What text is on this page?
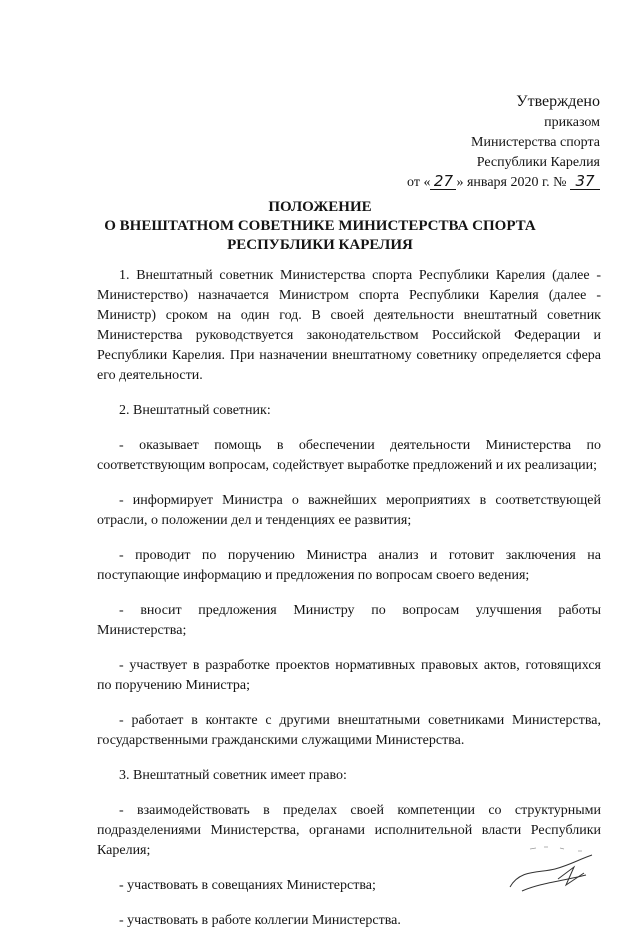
Утверждено
приказом
Министерства спорта
Республики Карелия
от « 27 » января 2020 г. № 37
ПОЛОЖЕНИЕ
О ВНЕШТАТНОМ СОВЕТНИКЕ МИНИСТЕРСТВА СПОРТА
РЕСПУБЛИКИ КАРЕЛИЯ

1. Внештатный советник Министерства спорта Республики Карелия (далее - Министерство) назначается Министром спорта Республики Карелия (далее - Министр) сроком на один год. В своей деятельности внештатный советник Министерства руководствуется законодательством Российской Федерации и Республики Карелия. При назначении внештатному советнику определяется сфера его деятельности.

2. Внештатный советник:

- оказывает помощь в обеспечении деятельности Министерства по соответствующим вопросам, содействует выработке предложений и их реализации;

- информирует Министра о важнейших мероприятиях в соответствующей отрасли, о положении дел и тенденциях ее развития;

- проводит по поручению Министра анализ и готовит заключения на поступающие информацию и предложения по вопросам своего ведения;

- вносит предложения Министру по вопросам улучшения работы Министерства;

- участвует в разработке проектов нормативных правовых актов, готовящихся по поручению Министра;

- работает в контакте с другими внештатными советниками Министерства, государственными гражданскими служащими Министерства.

3. Внештатный советник имеет право:

- взаимодействовать в пределах своей компетенции со структурными подразделениями Министерства, органами исполнительной власти Республики Карелия;

- участвовать в совещаниях Министерства;

- участвовать в работе коллегии Министерства.
